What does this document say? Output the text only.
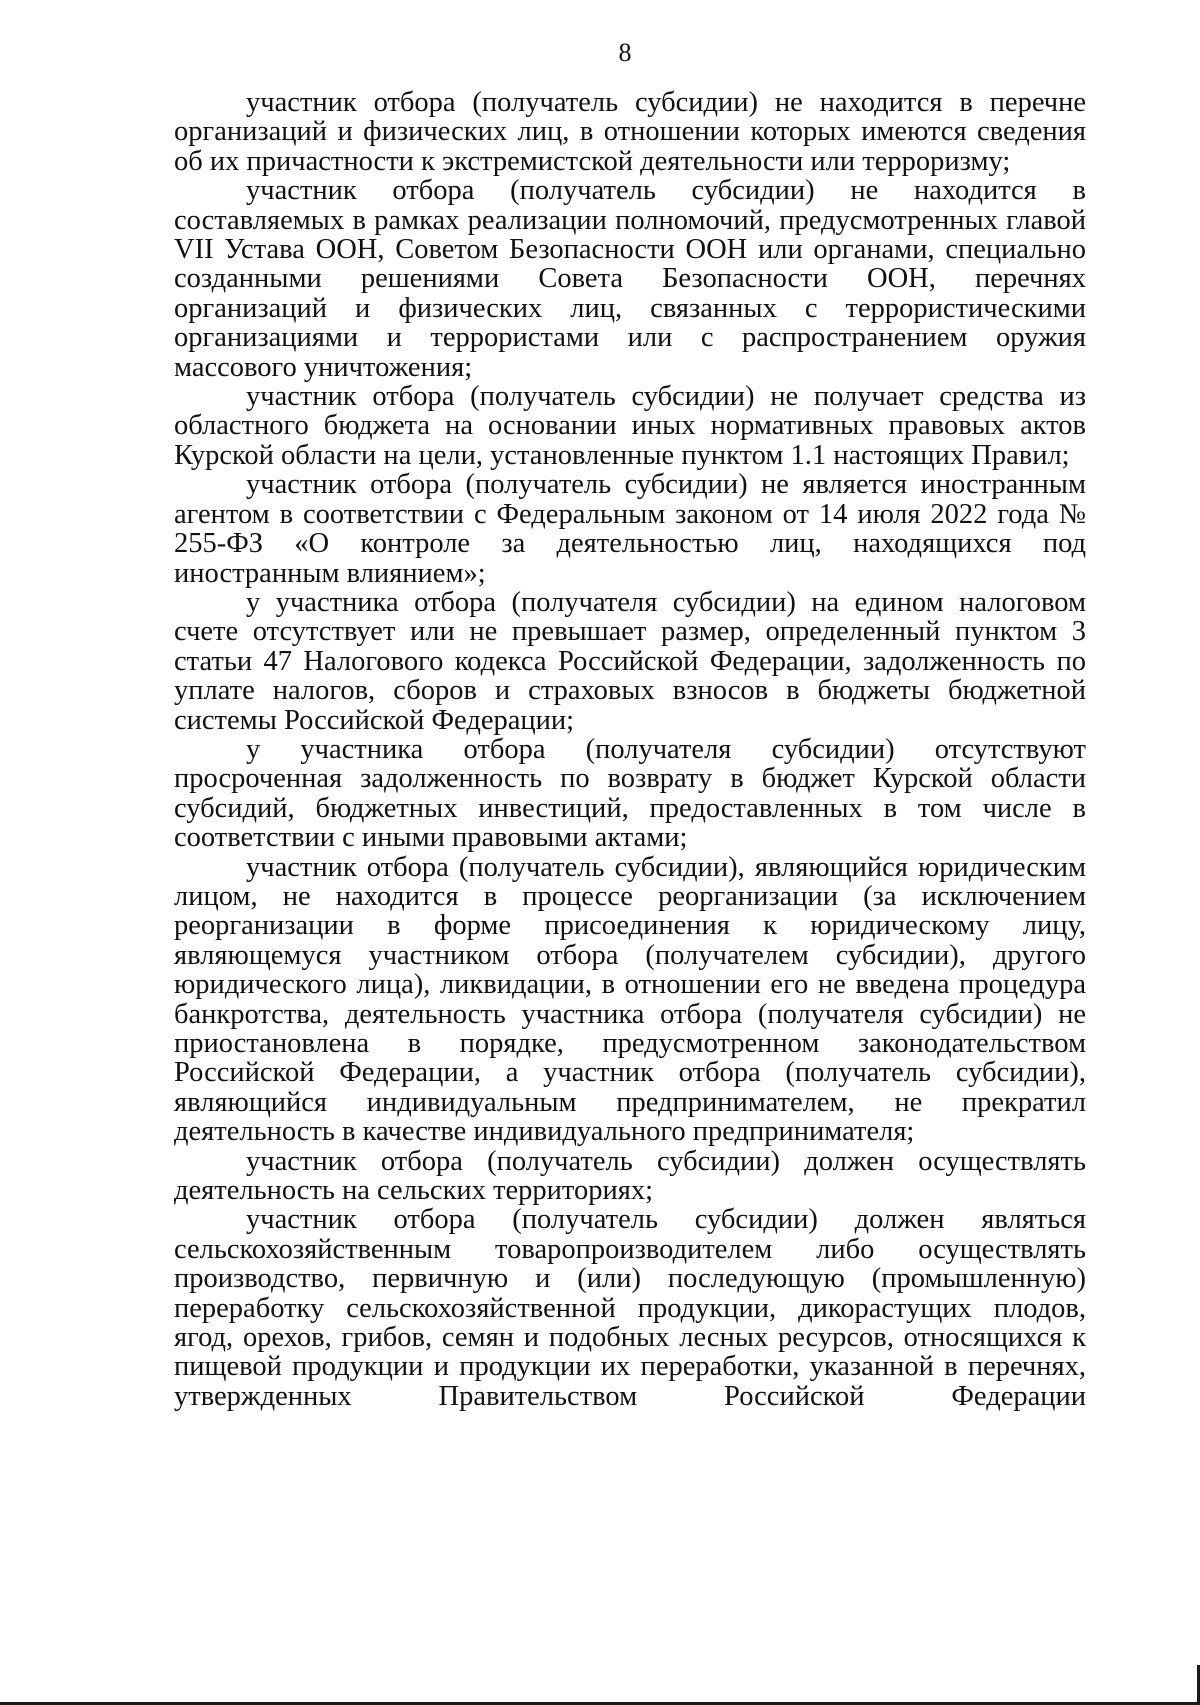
8

участник отбора (получатель субсидии) не находится в перечне организаций и физических лиц, в отношении которых имеются сведения об их причастности к экстремистской деятельности или терроризму;

участник отбора (получатель субсидии) не находится в составляемых в рамках реализации полномочий, предусмотренных главой VII Устава ООН, Советом Безопасности ООН или органами, специально созданными решениями Совета Безопасности ООН, перечнях организаций и физических лиц, связанных с террористическими организациями и террористами или с распространением оружия массового уничтожения;

участник отбора (получатель субсидии) не получает средства из областного бюджета на основании иных нормативных правовых актов Курской области на цели, установленные пунктом 1.1 настоящих Правил;

участник отбора (получатель субсидии) не является иностранным агентом в соответствии с Федеральным законом от 14 июля 2022 года № 255-ФЗ «О контроле за деятельностью лиц, находящихся под иностранным влиянием»;

у участника отбора (получателя субсидии) на едином налоговом счете отсутствует или не превышает размер, определенный пунктом 3 статьи 47 Налогового кодекса Российской Федерации, задолженность по уплате налогов, сборов и страховых взносов в бюджеты бюджетной системы Российской Федерации;

у участника отбора (получателя субсидии) отсутствуют просроченная задолженность по возврату в бюджет Курской области субсидий, бюджетных инвестиций, предоставленных в том числе в соответствии с иными правовыми актами;

участник отбора (получатель субсидии), являющийся юридическим лицом, не находится в процессе реорганизации (за исключением реорганизации в форме присоединения к юридическому лицу, являющемуся участником отбора (получателем субсидии), другого юридического лица), ликвидации, в отношении его не введена процедура банкротства, деятельность участника отбора (получателя субсидии) не приостановлена в порядке, предусмотренном законодательством Российской Федерации, а участник отбора (получатель субсидии), являющийся индивидуальным предпринимателем, не прекратил деятельность в качестве индивидуального предпринимателя;

участник отбора (получатель субсидии) должен осуществлять деятельность на сельских территориях;

участник отбора (получатель субсидии) должен являться сельскохозяйственным товаропроизводителем либо осуществлять производство, первичную и (или) последующую (промышленную) переработку сельскохозяйственной продукции, дикорастущих плодов, ягод, орехов, грибов, семян и подобных лесных ресурсов, относящихся к пищевой продукции и продукции их переработки, указанной в перечнях, утвержденных Правительством Российской Федерации
